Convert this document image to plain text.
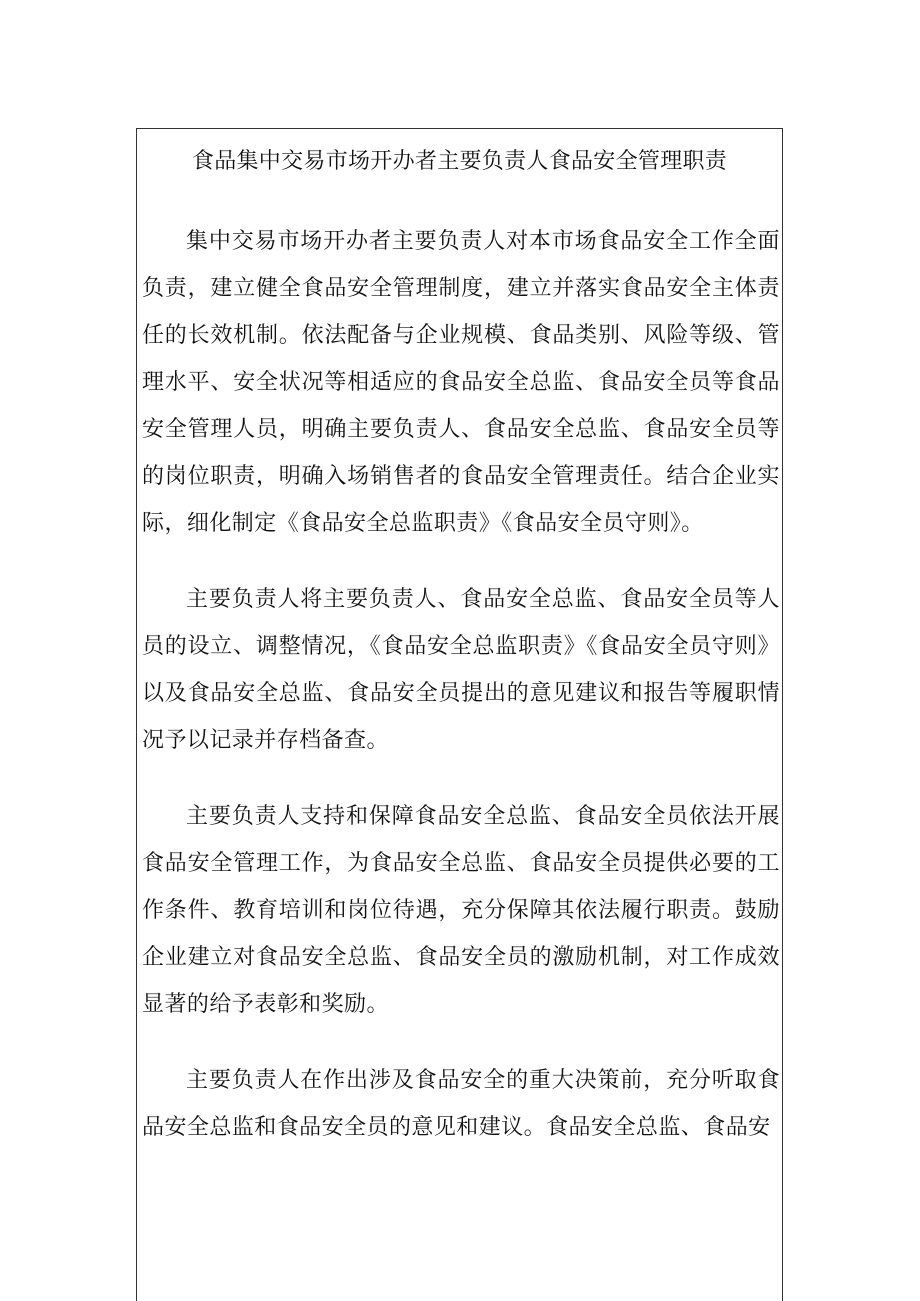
食品集中交易市场开办者主要负责人食品安全管理职责

集中交易市场开办者主要负责人对本市场食品安全工作全面负责，建立健全食品安全管理制度，建立并落实食品安全主体责任的长效机制。依法配备与企业规模、食品类别、风险等级、管理水平、安全状况等相适应的食品安全总监、食品安全员等食品安全管理人员，明确主要负责人、食品安全总监、食品安全员等的岗位职责，明确入场销售者的食品安全管理责任。结合企业实际，细化制定《食品安全总监职责》《食品安全员守则》。

主要负责人将主要负责人、食品安全总监、食品安全员等人员的设立、调整情况，《食品安全总监职责》《食品安全员守则》以及食品安全总监、食品安全员提出的意见建议和报告等履职情况予以记录并存档备查。

主要负责人支持和保障食品安全总监、食品安全员依法开展食品安全管理工作，为食品安全总监、食品安全员提供必要的工作条件、教育培训和岗位待遇，充分保障其依法履行职责。鼓励企业建立对食品安全总监、食品安全员的激励机制，对工作成效显著的给予表彰和奖励。

主要负责人在作出涉及食品安全的重大决策前，充分听取食品安全总监和食品安全员的意见和建议。食品安全总监、食品安
